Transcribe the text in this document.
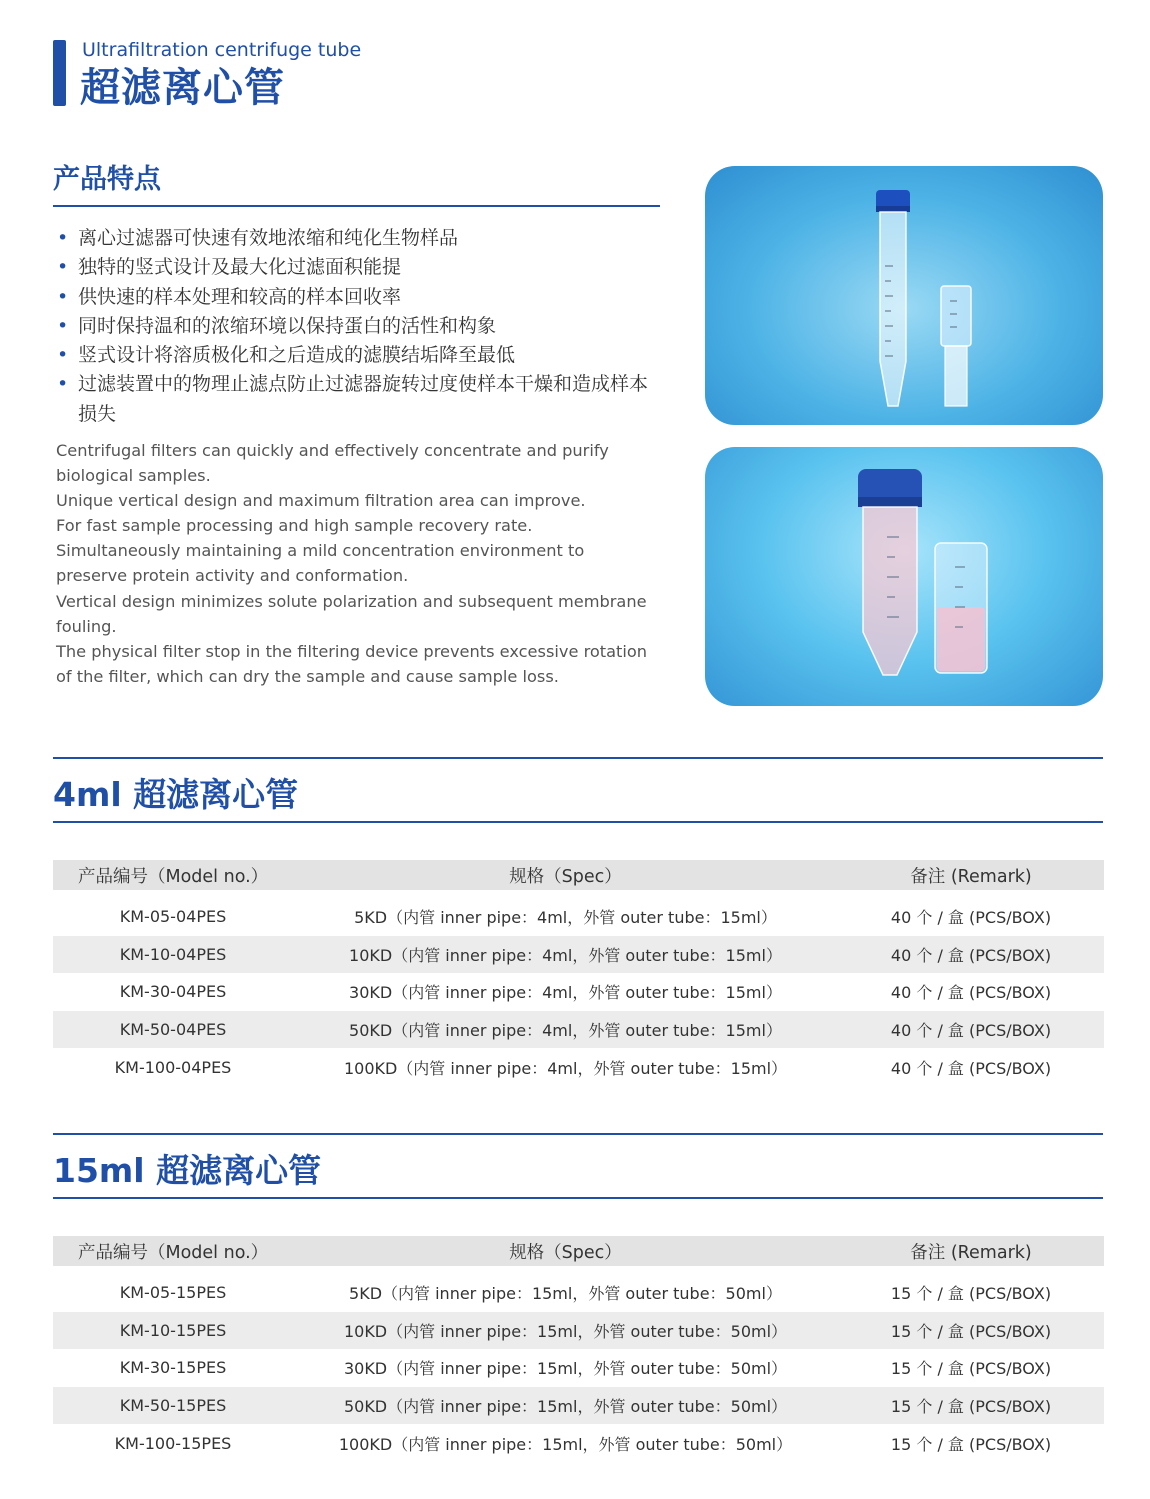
Ultrafiltration centrifuge tube
超滤离心管
产品特点
• 离心过滤器可快速有效地浓缩和纯化生物样品
• 独特的竖式设计及最大化过滤面积能提
• 供快速的样本处理和较高的样本回收率
• 同时保持温和的浓缩环境以保持蛋白的活性和构象
• 竖式设计将溶质极化和之后造成的滤膜结垢降至最低
• 过滤装置中的物理止滤点防止过滤器旋转过度使样本干燥和造成样本损失

Centrifugal filters can quickly and effectively concentrate and purify biological samples.

Unique vertical design and maximum filtration area can improve.

For fast sample processing and high sample recovery rate.

Simultaneously maintaining a mild concentration environment to preserve protein activity and conformation.

Vertical design minimizes solute polarization and subsequent membrane fouling.

The physical filter stop in the filtering device prevents excessive rotation of the filter, which can dry the sample and cause sample loss.

4ml 超滤离心管
产品编号（Model no.）	规格（Spec）	备注 (Remark)

KM-05-04PES	5KD（内管 inner pipe：4ml，外管 outer tube：15ml）	40 个 / 盒 (PCS/BOX)
KM-10-04PES	10KD（内管 inner pipe：4ml，外管 outer tube：15ml）	40 个 / 盒 (PCS/BOX)
KM-30-04PES	30KD（内管 inner pipe：4ml，外管 outer tube：15ml）	40 个 / 盒 (PCS/BOX)
KM-50-04PES	50KD（内管 inner pipe：4ml，外管 outer tube：15ml）	40 个 / 盒 (PCS/BOX)
KM-100-04PES	100KD（内管 inner pipe：4ml，外管 outer tube：15ml）	40 个 / 盒 (PCS/BOX)
15ml 超滤离心管
产品编号（Model no.）	规格（Spec）	备注 (Remark)

KM-05-15PES	5KD（内管 inner pipe：15ml，外管 outer tube：50ml）	15 个 / 盒 (PCS/BOX)
KM-10-15PES	10KD（内管 inner pipe：15ml，外管 outer tube：50ml）	15 个 / 盒 (PCS/BOX)
KM-30-15PES	30KD（内管 inner pipe：15ml，外管 outer tube：50ml）	15 个 / 盒 (PCS/BOX)
KM-50-15PES	50KD（内管 inner pipe：15ml，外管 outer tube：50ml）	15 个 / 盒 (PCS/BOX)
KM-100-15PES	100KD（内管 inner pipe：15ml，外管 outer tube：50ml）	15 个 / 盒 (PCS/BOX)
